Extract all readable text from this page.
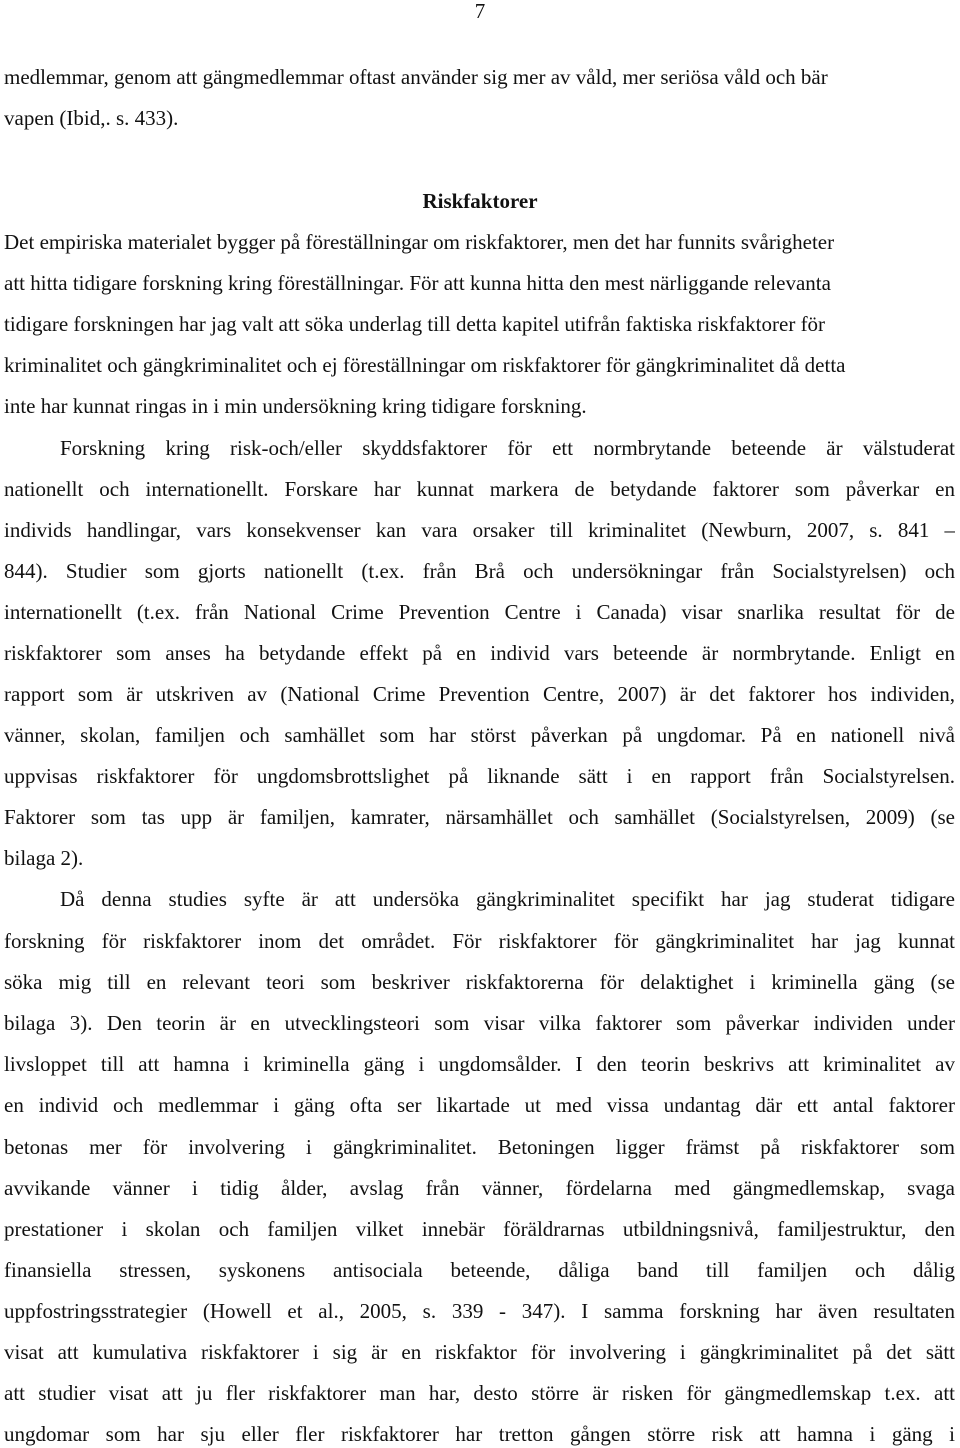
7
medlemmar, genom att gängmedlemmar oftast använder sig mer av våld, mer seriösa våld och bär
vapen (Ibid,. s. 433).
Riskfaktorer
Det empiriska materialet bygger på föreställningar om riskfaktorer, men det har funnits svårigheter
att hitta tidigare forskning kring föreställningar. För att kunna hitta den mest närliggande relevanta
tidigare forskningen har jag valt att söka underlag till detta kapitel utifrån faktiska riskfaktorer för
kriminalitet och gängkriminalitet och ej föreställningar om riskfaktorer för gängkriminalitet då detta
inte har kunnat ringas in i min undersökning kring tidigare forskning.
Forskning kring risk-och/eller skyddsfaktorer för ett normbrytande beteende är välstuderat
nationellt och internationellt. Forskare har kunnat markera de betydande faktorer som påverkar en
individs handlingar, vars konsekvenser kan vara orsaker till kriminalitet (Newburn, 2007, s. 841 –
844). Studier som gjorts nationellt (t.ex. från Brå och undersökningar från Socialstyrelsen) och
internationellt (t.ex. från National Crime Prevention Centre i Canada) visar snarlika resultat för de
riskfaktorer som anses ha betydande effekt på en individ vars beteende är normbrytande. Enligt en
rapport som är utskriven av (National Crime Prevention Centre, 2007) är det faktorer hos individen,
vänner, skolan, familjen och samhället som har störst påverkan på ungdomar. På en nationell nivå
uppvisas riskfaktorer för ungdomsbrottslighet på liknande sätt i en rapport från Socialstyrelsen.
Faktorer som tas upp är familjen, kamrater, närsamhället och samhället (Socialstyrelsen, 2009) (se
bilaga 2).
Då denna studies syfte är att undersöka gängkriminalitet specifikt har jag studerat tidigare
forskning för riskfaktorer inom det området. För riskfaktorer för gängkriminalitet har jag kunnat
söka mig till en relevant teori som beskriver riskfaktorerna för delaktighet i kriminella gäng (se
bilaga 3). Den teorin är en utvecklingsteori som visar vilka faktorer som påverkar individen under
livsloppet till att hamna i kriminella gäng i ungdomsålder. I den teorin beskrivs att kriminalitet av
en individ och medlemmar i gäng ofta ser likartade ut med vissa undantag där ett antal faktorer
betonas mer för involvering i gängkriminalitet. Betoningen ligger främst på riskfaktorer som
avvikande vänner i tidig ålder, avslag från vänner, fördelarna med gängmedlemskap, svaga
prestationer i skolan och familjen vilket innebär föräldrarnas utbildningsnivå, familjestruktur, den
finansiella stressen, syskonens antisociala beteende, dåliga band till familjen och dålig
uppfostringsstrategier (Howell et al., 2005, s. 339 - 347). I samma forskning har även resultaten
visat att kumulativa riskfaktorer i sig är en riskfaktor för involvering i gängkriminalitet på det sätt
att studier visat att ju fler riskfaktorer man har, desto större är risken för gängmedlemskap t.ex. att
ungdomar som har sju eller fler riskfaktorer har tretton gången större risk att hamna i gäng i
